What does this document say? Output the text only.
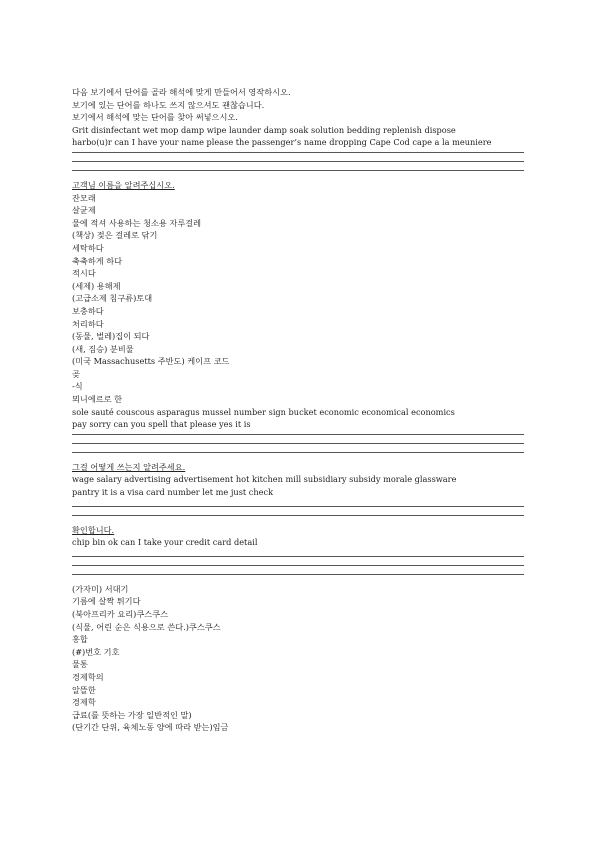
다음 보기에서 단어를 골라 해석에 맞게 만들어서 영작하시오.
보기에 있는 단어를 하나도 쓰지 않으셔도 괜찮습니다.
보기에서 해석에 맞는 단어를 찾아 써넣으시오.
Grit disinfectant wet mop damp wipe launder damp soak solution bedding replenish dispose
harbo(u)r can I have your name please the passenger’s name dropping Cape Cod cape a la meuniere
고객님 이름을 알려주십시오.
잔모래
살균제
물에 적셔 사용하는 청소용 자루걸레
(책상) 젖은 걸레로 닦기
세탁하다
축축하게 하다
적시다
(세제) 용해제
(고급소제 침구류)토대
보충하다
처리하다
(동물, 벌레)집이 되다
(새, 짐승) 분비물
(미국 Massachusetts 주반도) 케이프 코드
곶
-식
뫼니에르로 한
sole sauté couscous asparagus mussel number sign bucket economic economical economics
pay sorry can you spell that please yes it is
그걸 어떻게 쓰는지 알려주세요.
wage salary advertising advertisement hot kitchen mill subsidiary subsidy morale glassware
pantry it is a visa card number let me just check
확인합니다.
chip bin ok can I take your credit card detail
(가자미) 서대기
기름에 살짝 튀기다
(북아프리카 요리)쿠스쿠스
(식물, 어린 순은 식용으로 쓴다.)쿠스쿠스
홍합
(#)번호 기호
물통
경제학의
알뜰한
경제학
급료(를 뜻하는 가장 일반적인 말)
(단기간 단위, 육체노동 양에 따라 받는)임금
